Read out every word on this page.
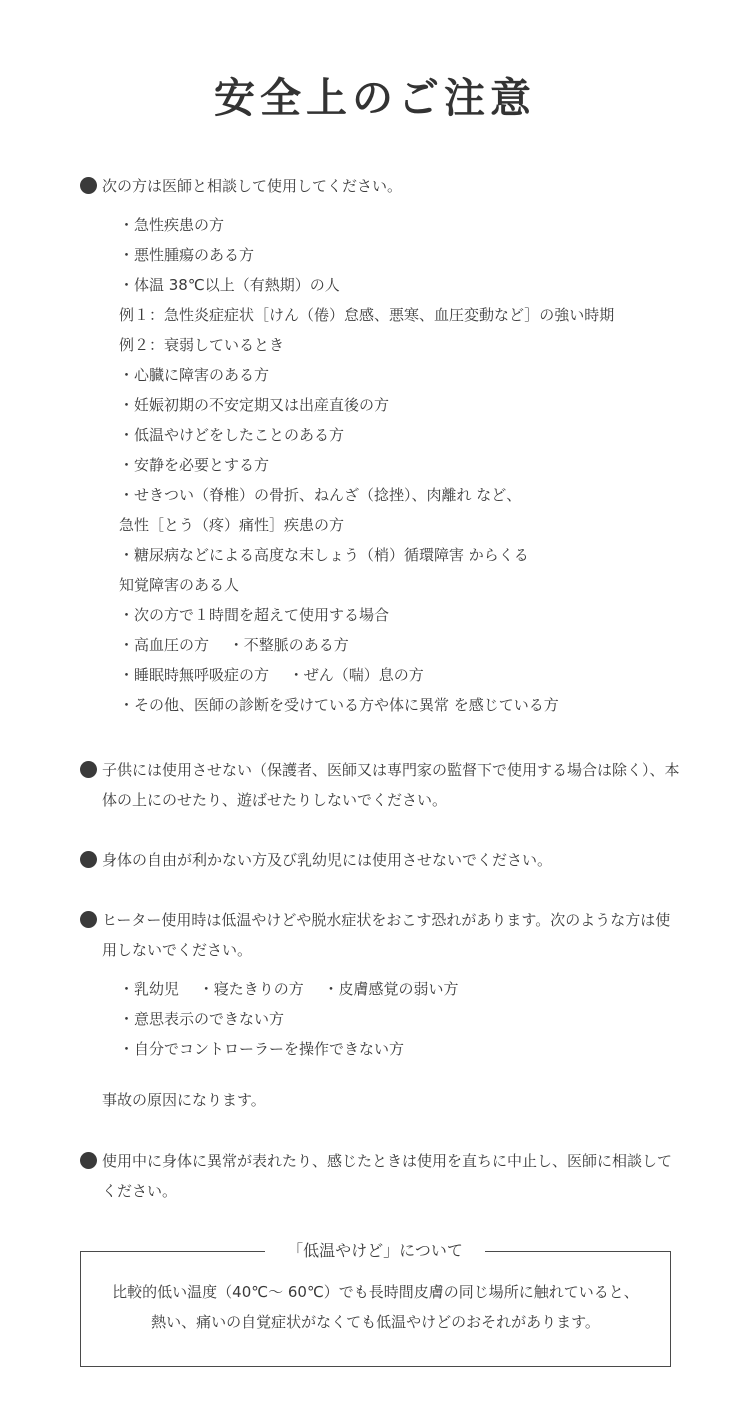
安全上のご注意
次の方は医師と相談して使用してください。
・急性疾患の方
・悪性腫瘍のある方
・体温 38℃以上（有熱期）の人
例１：急性炎症症状［けん（倦）怠感、悪寒、血圧変動など］の強い時期
例２：衰弱しているとき
・心臓に障害のある方
・妊娠初期の不安定期又は出産直後の方
・低温やけどをしたことのある方
・安静を必要とする方
・せきつい（脊椎）の骨折、ねんざ（捻挫）、肉離れ など、
急性［とう（疼）痛性］疾患の方
・糖尿病などによる高度な末しょう（梢）循環障害 からくる
知覚障害のある人
・次の方で１時間を超えて使用する場合
・高血圧の方　 ・不整脈のある方
・睡眠時無呼吸症の方　 ・ぜん（喘）息の方
・その他、医師の診断を受けている方や体に異常 を感じている方
子供には使用させない（保護者、医師又は専門家の監督下で使用する場合は除く）、本体の上にのせたり、遊ばせたりしないでください。
身体の自由が利かない方及び乳幼児には使用させないでください。
ヒーター使用時は低温やけどや脱水症状をおこす恐れがあります。次のような方は使用しないでください。
・乳幼児　 ・寝たきりの方　 ・皮膚感覚の弱い方
・意思表示のできない方
・自分でコントローラーを操作できない方
事故の原因になります。
使用中に身体に異常が表れたり、感じたときは使用を直ちに中止し、医師に相談してください。
「低温やけど」について
比較的低い温度（40℃～ 60℃）でも長時間皮膚の同じ場所に触れていると、
熱い、痛いの自覚症状がなくても低温やけどのおそれがあります。
